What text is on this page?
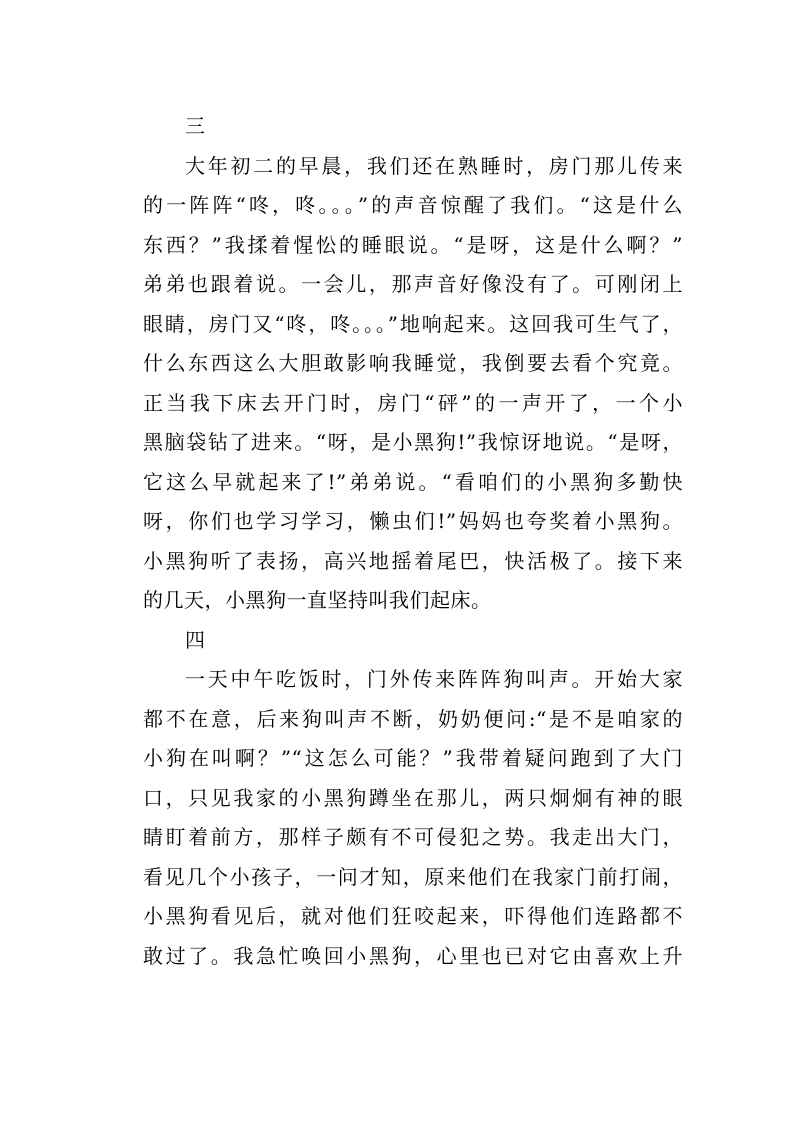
三
大年初二的早晨，我们还在熟睡时，房门那儿传来
的一阵阵“咚，咚。。。”的声音惊醒了我们。“这是什么
东西？”我揉着惺忪的睡眼说。“是呀，这是什么啊？”
弟弟也跟着说。一会儿，那声音好像没有了。可刚闭上
眼睛，房门又“咚，咚。。。”地响起来。这回我可生气了，
什么东西这么大胆敢影响我睡觉，我倒要去看个究竟。
正当我下床去开门时，房门“砰”的一声开了，一个小
黑脑袋钻了进来。“呀，是小黑狗!”我惊讶地说。“是呀，
它这么早就起来了!”弟弟说。“看咱们的小黑狗多勤快
呀，你们也学习学习，懒虫们!”妈妈也夸奖着小黑狗。
小黑狗听了表扬，高兴地摇着尾巴，快活极了。接下来
的几天，小黑狗一直坚持叫我们起床。
四
一天中午吃饭时，门外传来阵阵狗叫声。开始大家
都不在意，后来狗叫声不断，奶奶便问:“是不是咱家的
小狗在叫啊？”“这怎么可能？”我带着疑问跑到了大门
口，只见我家的小黑狗蹲坐在那儿，两只炯炯有神的眼
睛盯着前方，那样子颇有不可侵犯之势。我走出大门，
看见几个小孩子，一问才知，原来他们在我家门前打闹，
小黑狗看见后，就对他们狂咬起来，吓得他们连路都不
敢过了。我急忙唤回小黑狗，心里也已对它由喜欢上升
